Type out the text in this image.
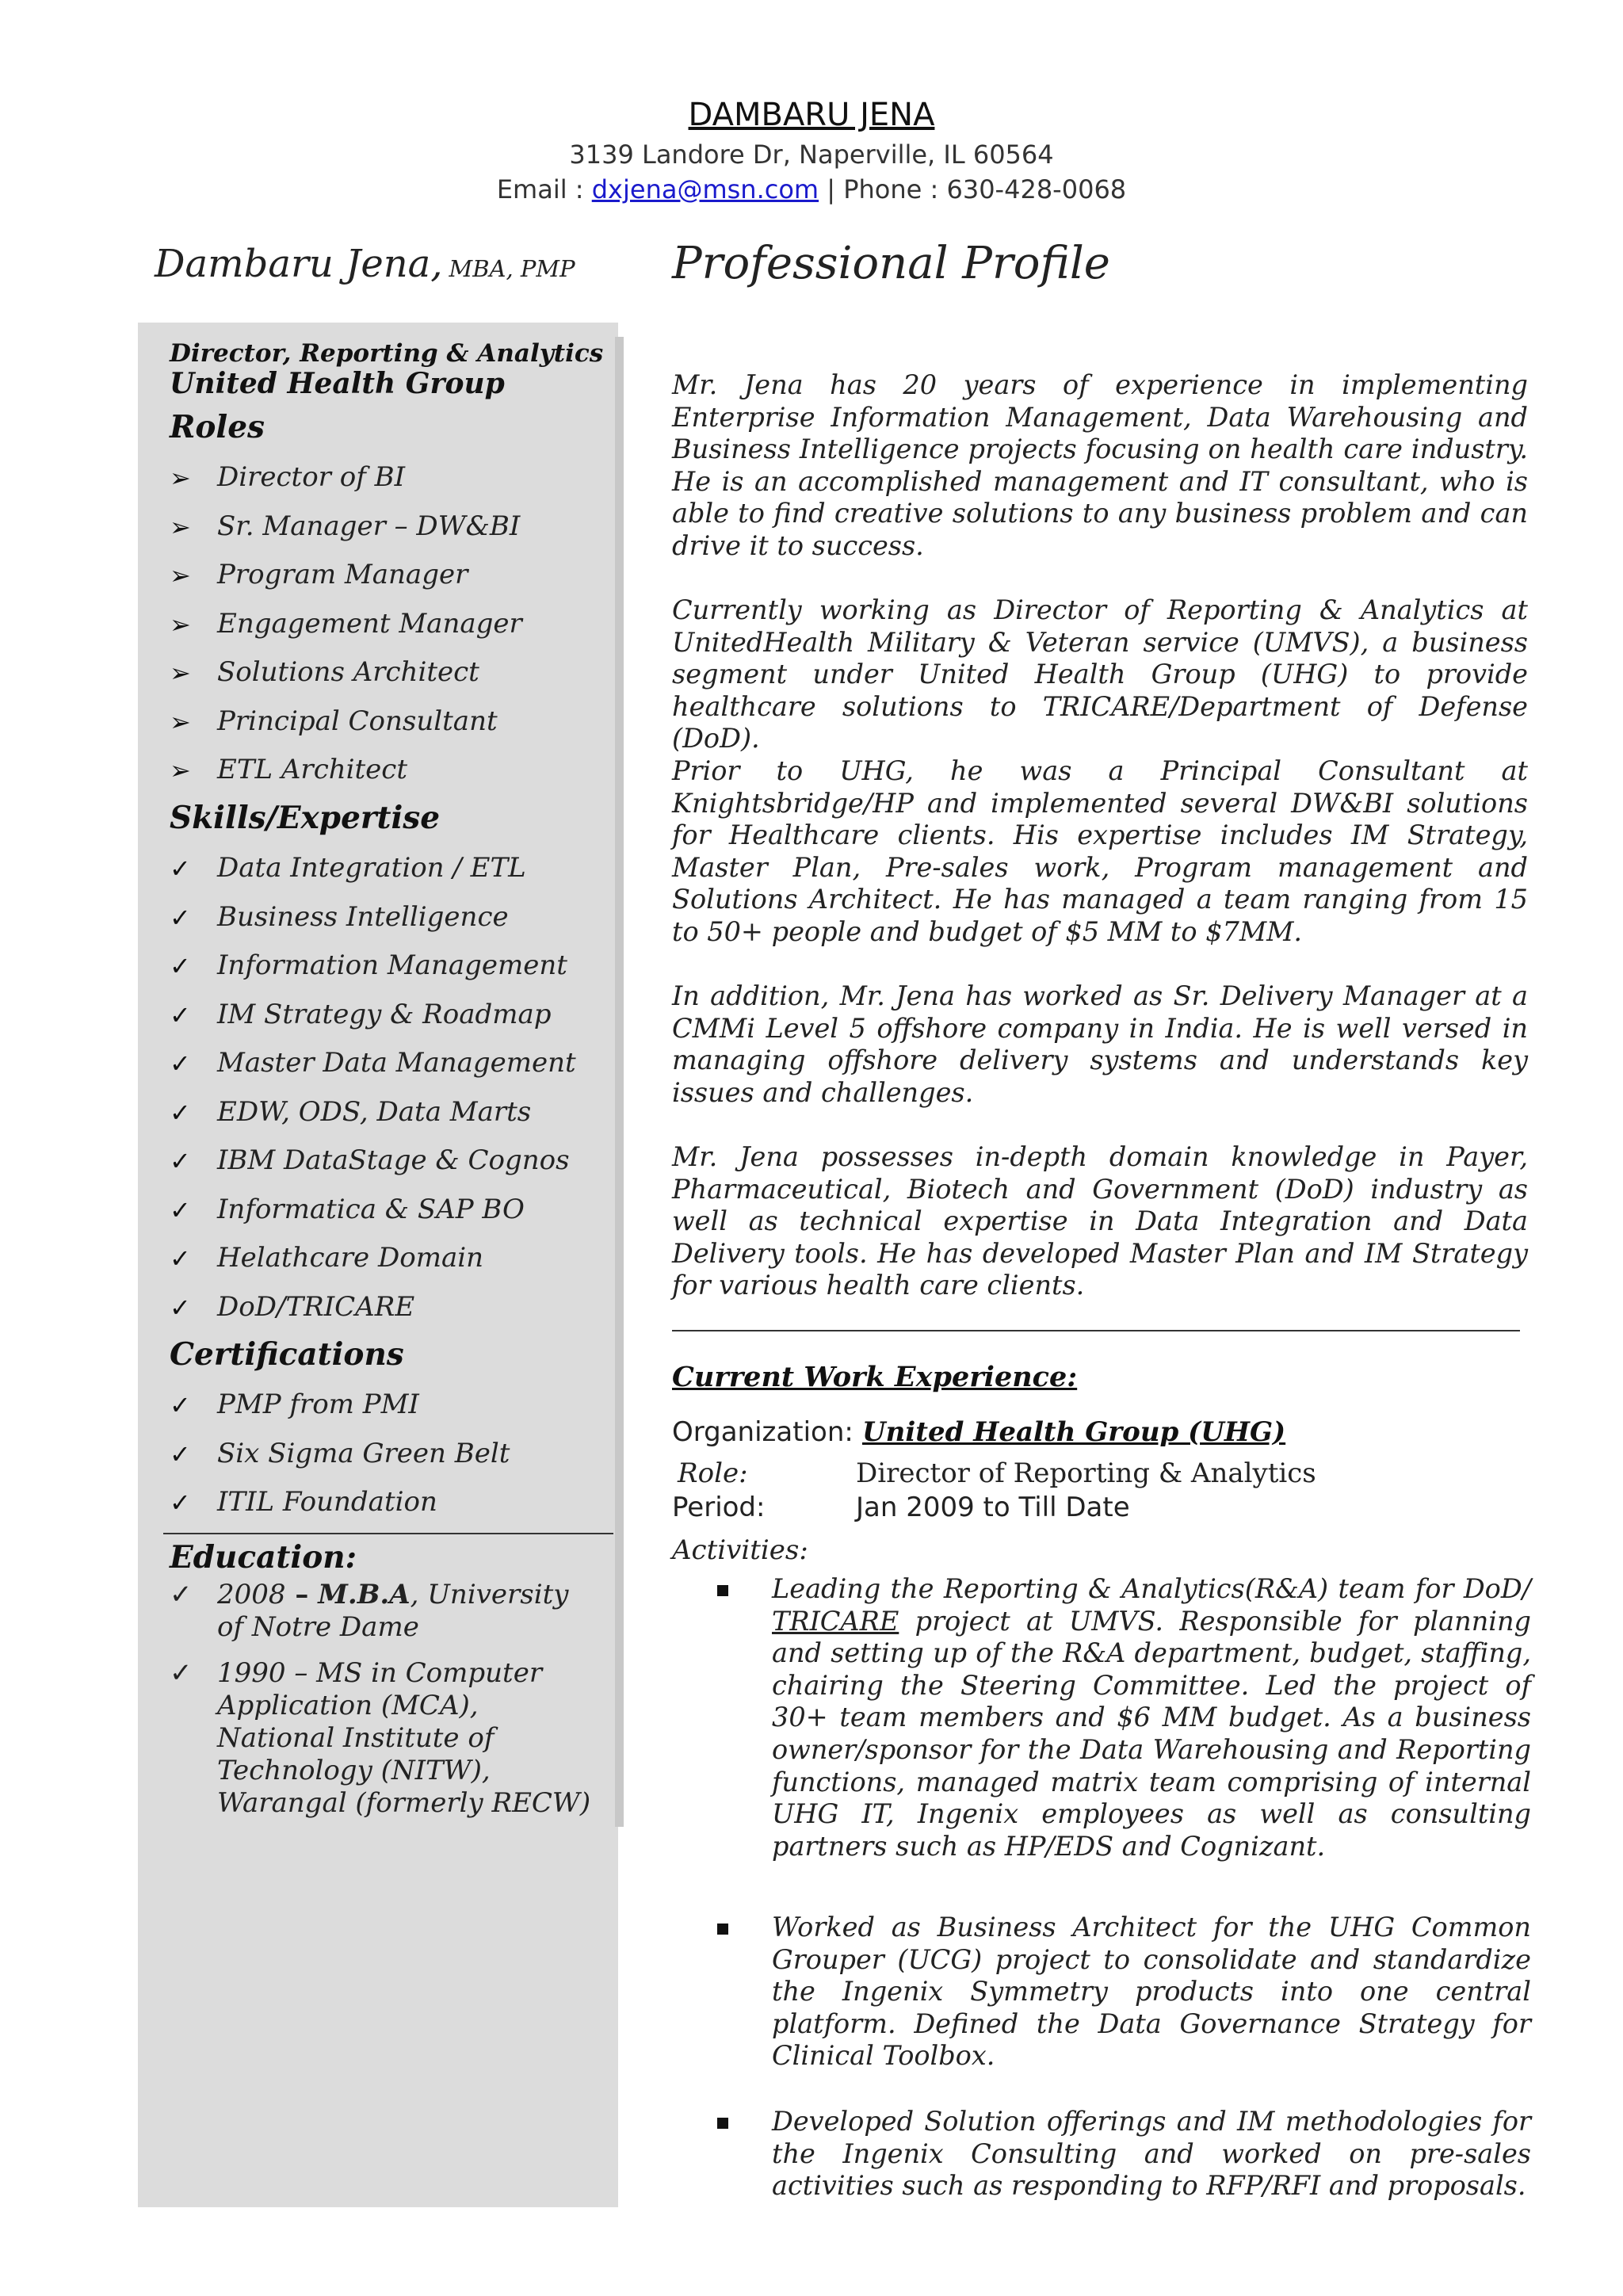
DAMBARU JENA
3139 Landore Dr, Naperville, IL 60564
Email : dxjena@msn.com | Phone : 630-428-0068
Dambaru Jena, MBA, PMP Professional Profile
Director, Reporting & Analytics
United Health Group
Roles
➢ Director of BI
➢ Sr. Manager – DW&BI
➢ Program Manager
➢ Engagement Manager
➢ Solutions Architect
➢ Principal Consultant
➢ ETL Architect
Skills/Expertise
✓ Data Integration / ETL
✓ Business Intelligence
✓ Information Management
✓ IM Strategy & Roadmap
✓ Master Data Management
✓ EDW, ODS, Data Marts
✓ IBM DataStage & Cognos
✓ Informatica & SAP BO
✓ Helathcare Domain
✓ DoD/TRICARE
Certifications
✓ PMP from PMI
✓ Six Sigma Green Belt
✓ ITIL Foundation
Education:
✓ 2008 – M.B.A, University of Notre Dame
✓ 1990 – MS in Computer Application (MCA), National Institute of Technology (NITW), Warangal (formerly RECW)

Mr. Jena has 20 years of experience in implementing Enterprise Information Management, Data Warehousing and Business Intelligence projects focusing on health care industry. He is an accomplished management and IT consultant, who is able to find creative solutions to any business problem and can drive it to success.

Currently working as Director of Reporting & Analytics at UnitedHealth Military & Veteran service (UMVS), a business segment under United Health Group (UHG) to provide healthcare solutions to TRICARE/Department of Defense (DoD).

Prior to UHG, he was a Principal Consultant at Knightsbridge/HP and implemented several DW&BI solutions for Healthcare clients. His expertise includes IM Strategy, Master Plan, Pre-sales work, Program management and Solutions Architect. He has managed a team ranging from 15 to 50+ people and budget of $5 MM to $7MM.

In addition, Mr. Jena has worked as Sr. Delivery Manager at a CMMi Level 5 offshore company in India. He is well versed in managing offshore delivery systems and understands key issues and challenges.

Mr. Jena possesses in-depth domain knowledge in Payer, Pharmaceutical, Biotech and Government (DoD) industry as well as technical expertise in Data Integration and Data Delivery tools. He has developed Master Plan and IM Strategy for various health care clients.

Current Work Experience:
Organization: United Health Group (UHG)
Role:	Director of Reporting & Analytics
Period:	Jan 2009 to Till Date
Activities:

Leading the Reporting & Analytics(R&A) team for DoD/ TRICARE project at UMVS. Responsible for planning and setting up of the R&A department, budget, staffing, chairing the Steering Committee. Led the project of 30+ team members and $6 MM budget. As a business owner/sponsor for the Data Warehousing and Reporting functions, managed matrix team comprising of internal UHG IT, Ingenix employees as well as consulting partners such as HP/EDS and Cognizant.

Worked as Business Architect for the UHG Common Grouper (UCG) project to consolidate and standardize the Ingenix Symmetry products into one central platform. Defined the Data Governance Strategy for Clinical Toolbox.

Developed Solution offerings and IM methodologies for the Ingenix Consulting and worked on pre-sales activities such as responding to RFP/RFI and proposals.
